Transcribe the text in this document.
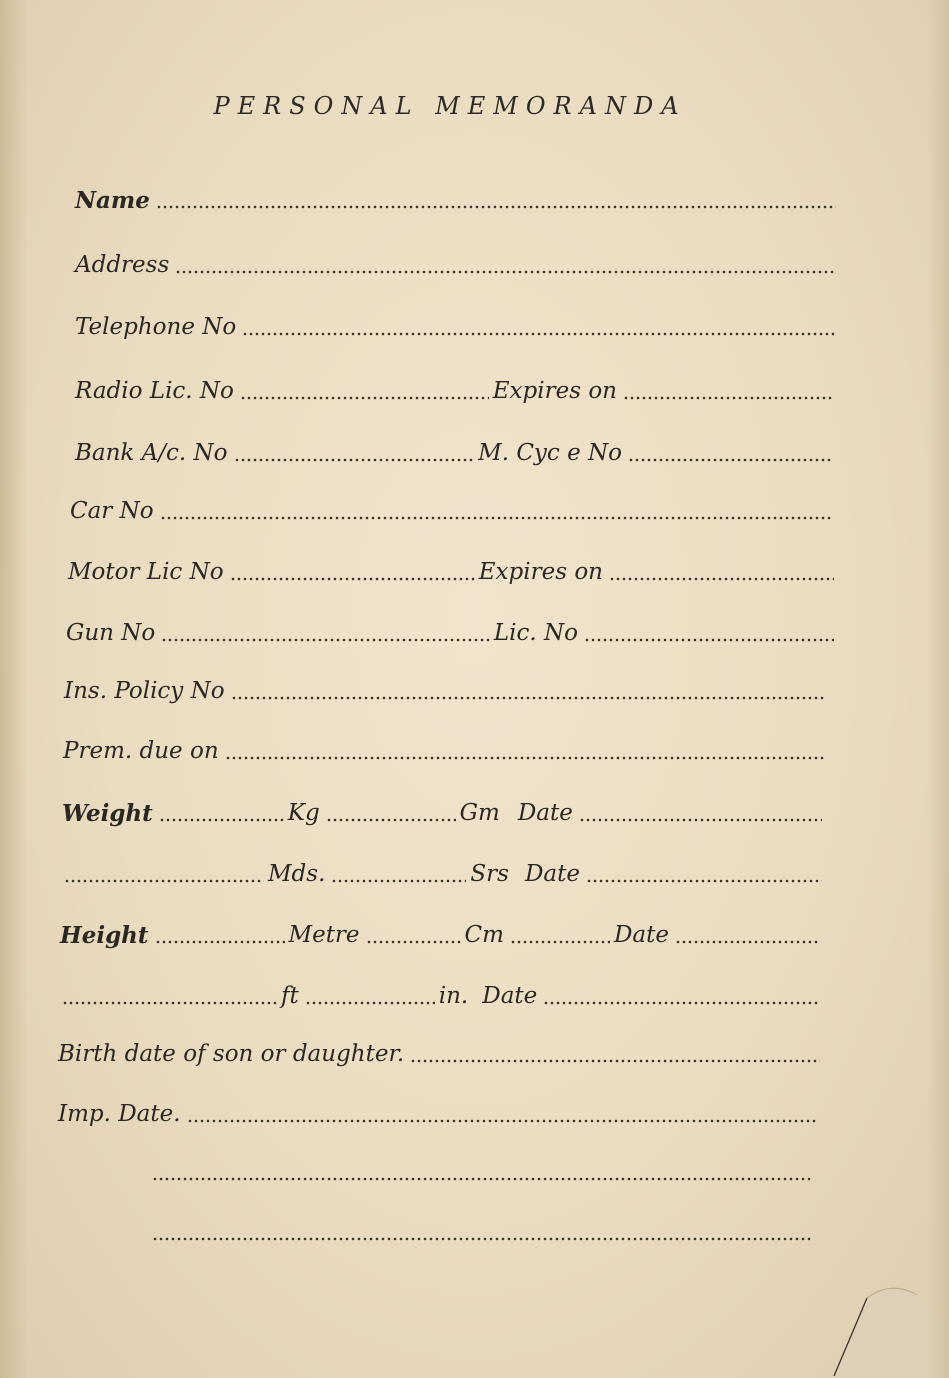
PERSONAL MEMORANDA
Name
Address
Telephone No
Radio Lic. No	Expires on
Bank A/c. No	M. Cyc e No
Car No
Motor Lic No	Expires on
Gun No	Lic. No
Ins. Policy No
Prem. due on
Weight	Kg	Gm Date
Mds.	Srs Date
Height	Metre	Cm	Date
ft	in. Date
Birth date of son or daughter.
Imp. Date.
